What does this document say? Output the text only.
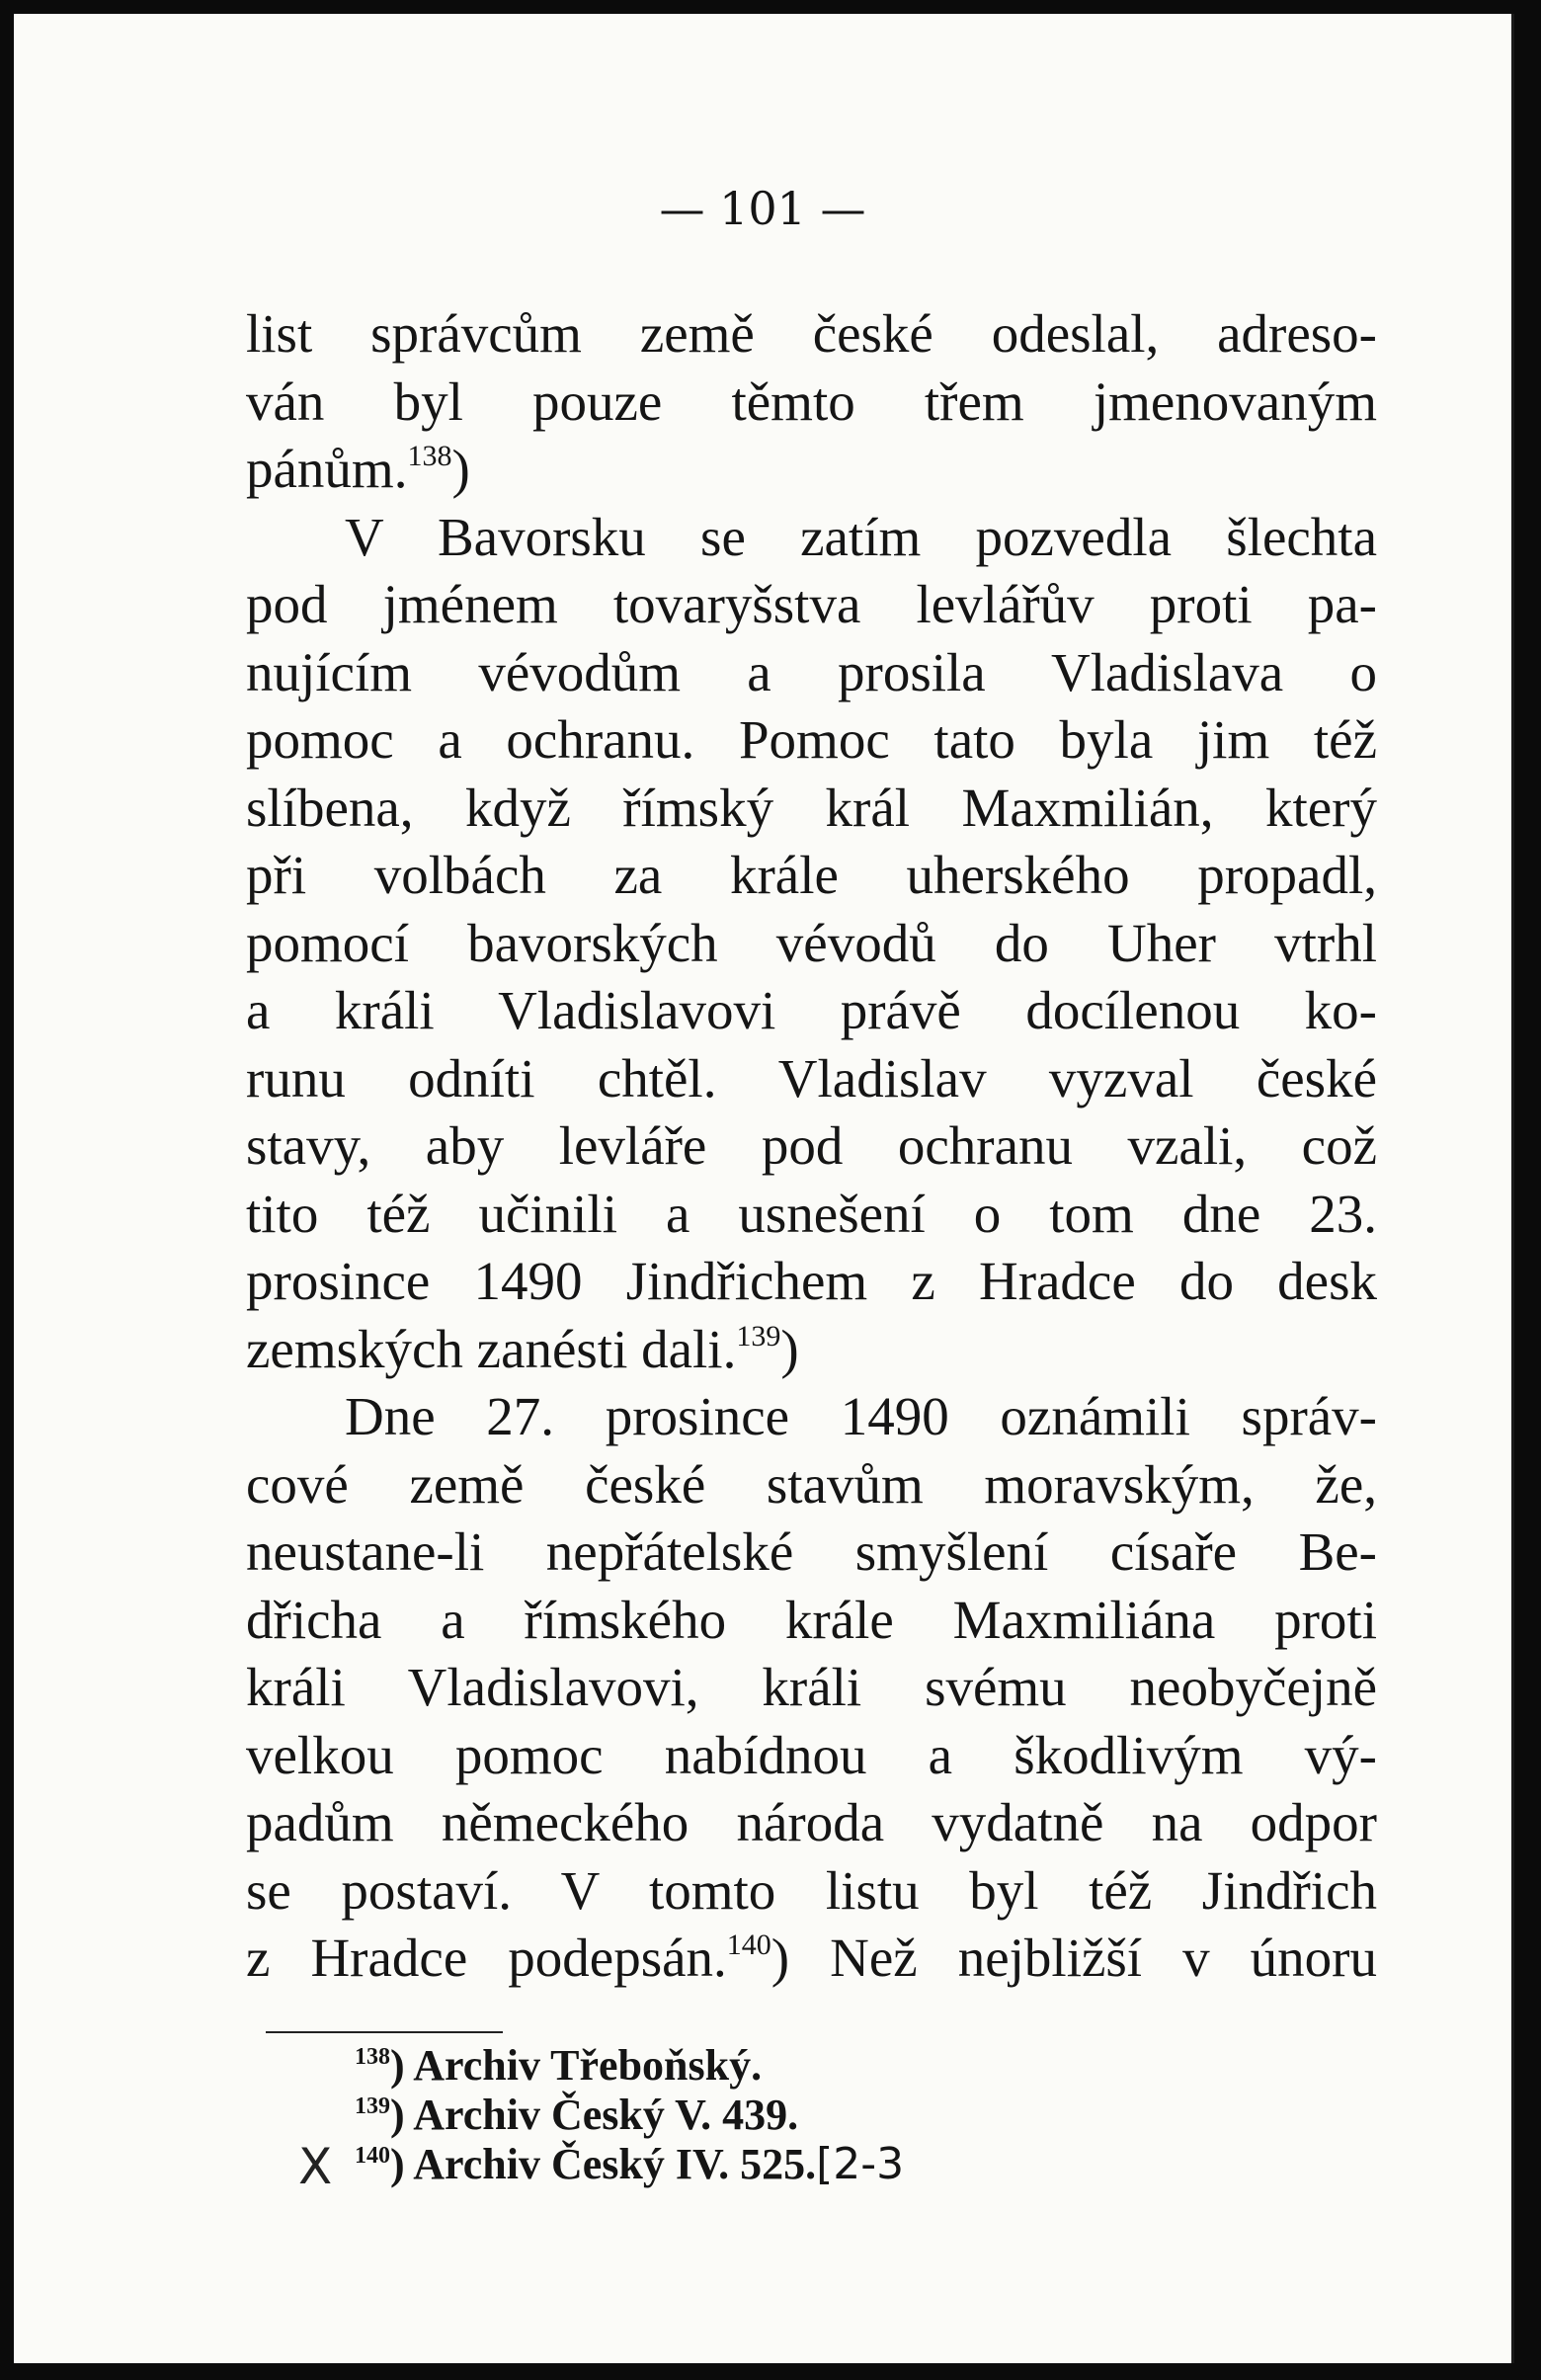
— 101 —
list správcům země české odeslal, adreso-
ván byl pouze těmto třem jmenovaným
pánům.$^{138}$)
V Bavorsku se zatím pozvedla šlechta
pod jménem tovaryšstva levlářův proti pa-
nujícím vévodům a prosila Vladislava o
pomoc a ochranu. Pomoc tato byla jim též
slíbena, když římský král Maxmilián, který
při volbách za krále uherského propadl,
pomocí bavorských vévodů do Uher vtrhl
a králi Vladislavovi právě docílenou ko-
runu odníti chtěl. Vladislav vyzval české
stavy, aby levláře pod ochranu vzali, což
tito též učinili a usnešení o tom dne 23.
prosince 1490 Jindřichem z Hradce do desk
zemských zanésti dali.$^{139}$)
Dne 27. prosince 1490 oznámili správ-
cové země české stavům moravským, že,
neustane-li nepřátelské smyšlení císaře Be-
dřicha a římského krále Maxmiliána proti
králi Vladislavovi, králi svému neobyčejně
velkou pomoc nabídnou a škodlivým vý-
padům německého národa vydatně na odpor
se postaví. V tomto listu byl též Jindřich
z Hradce podepsán.$^{140}$) Než nejbližší v únoru
$^{138}$) Archiv Třeboňský.
$^{139}$) Archiv Český V. 439.
$^{140}$) Archiv Český IV. 525.[2-3
X
